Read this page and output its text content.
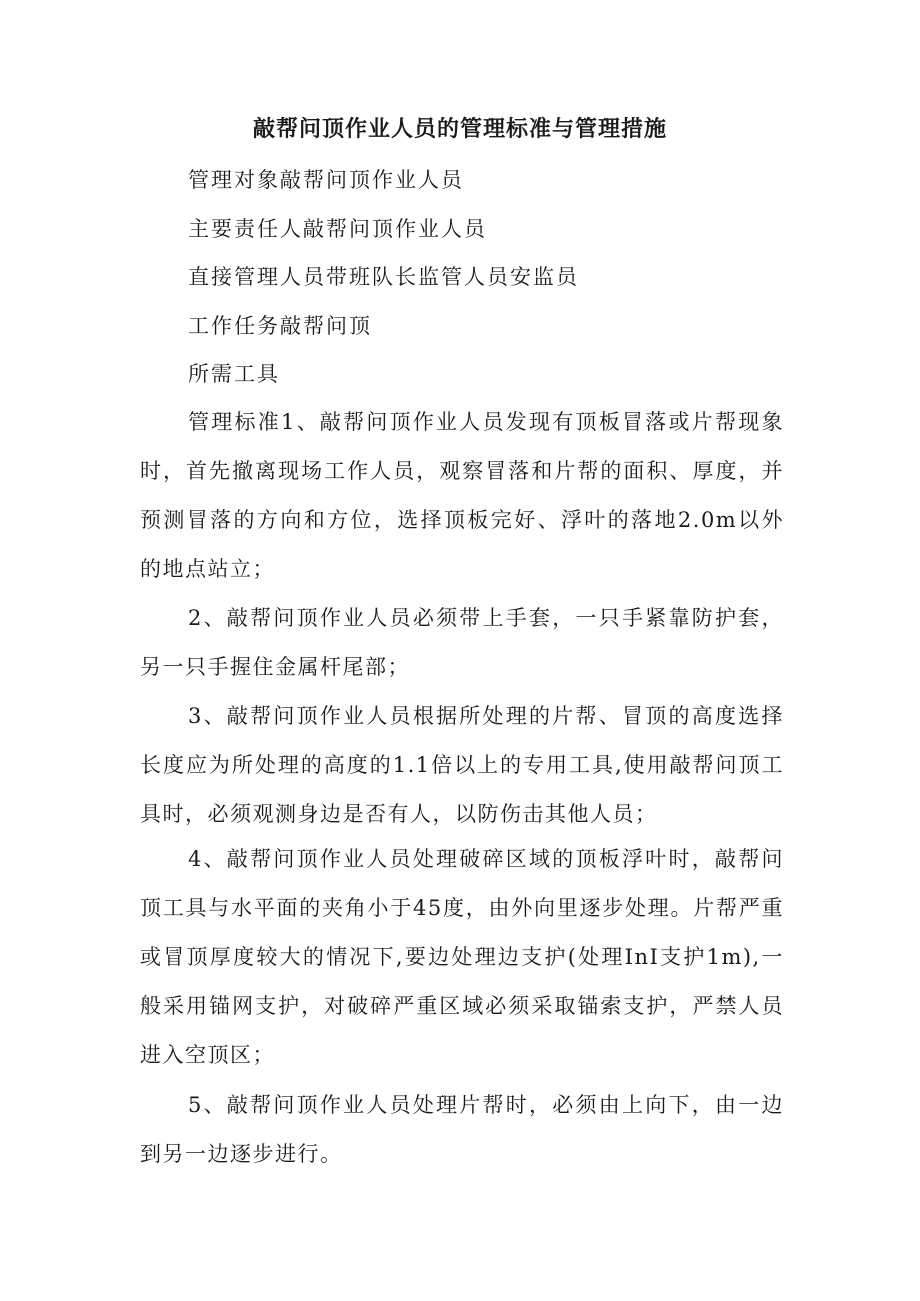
敲帮问顶作业人员的管理标准与管理措施
管理对象敲帮问顶作业人员
主要责任人敲帮问顶作业人员
直接管理人员带班队长监管人员安监员
工作任务敲帮问顶
所需工具

管理标准1、敲帮问顶作业人员发现有顶板冒落或片帮现象时，首先撤离现场工作人员，观察冒落和片帮的面积、厚度，并预测冒落的方向和方位，选择顶板完好、浮叶的落地2.0m以外的地点站立；

2、敲帮问顶作业人员必须带上手套，一只手紧靠防护套，另一只手握住金属杆尾部；

3、敲帮问顶作业人员根据所处理的片帮、冒顶的高度选择长度应为所处理的高度的1.1倍以上的专用工具,使用敲帮问顶工具时，必须观测身边是否有人，以防伤击其他人员；

4、敲帮问顶作业人员处理破碎区域的顶板浮叶时，敲帮问顶工具与水平面的夹角小于45度，由外向里逐步处理。片帮严重或冒顶厚度较大的情况下,要边处理边支护(处理InI支护1m),一般采用锚网支护，对破碎严重区域必须采取锚索支护，严禁人员进入空顶区；

5、敲帮问顶作业人员处理片帮时，必须由上向下，由一边到另一边逐步进行。
